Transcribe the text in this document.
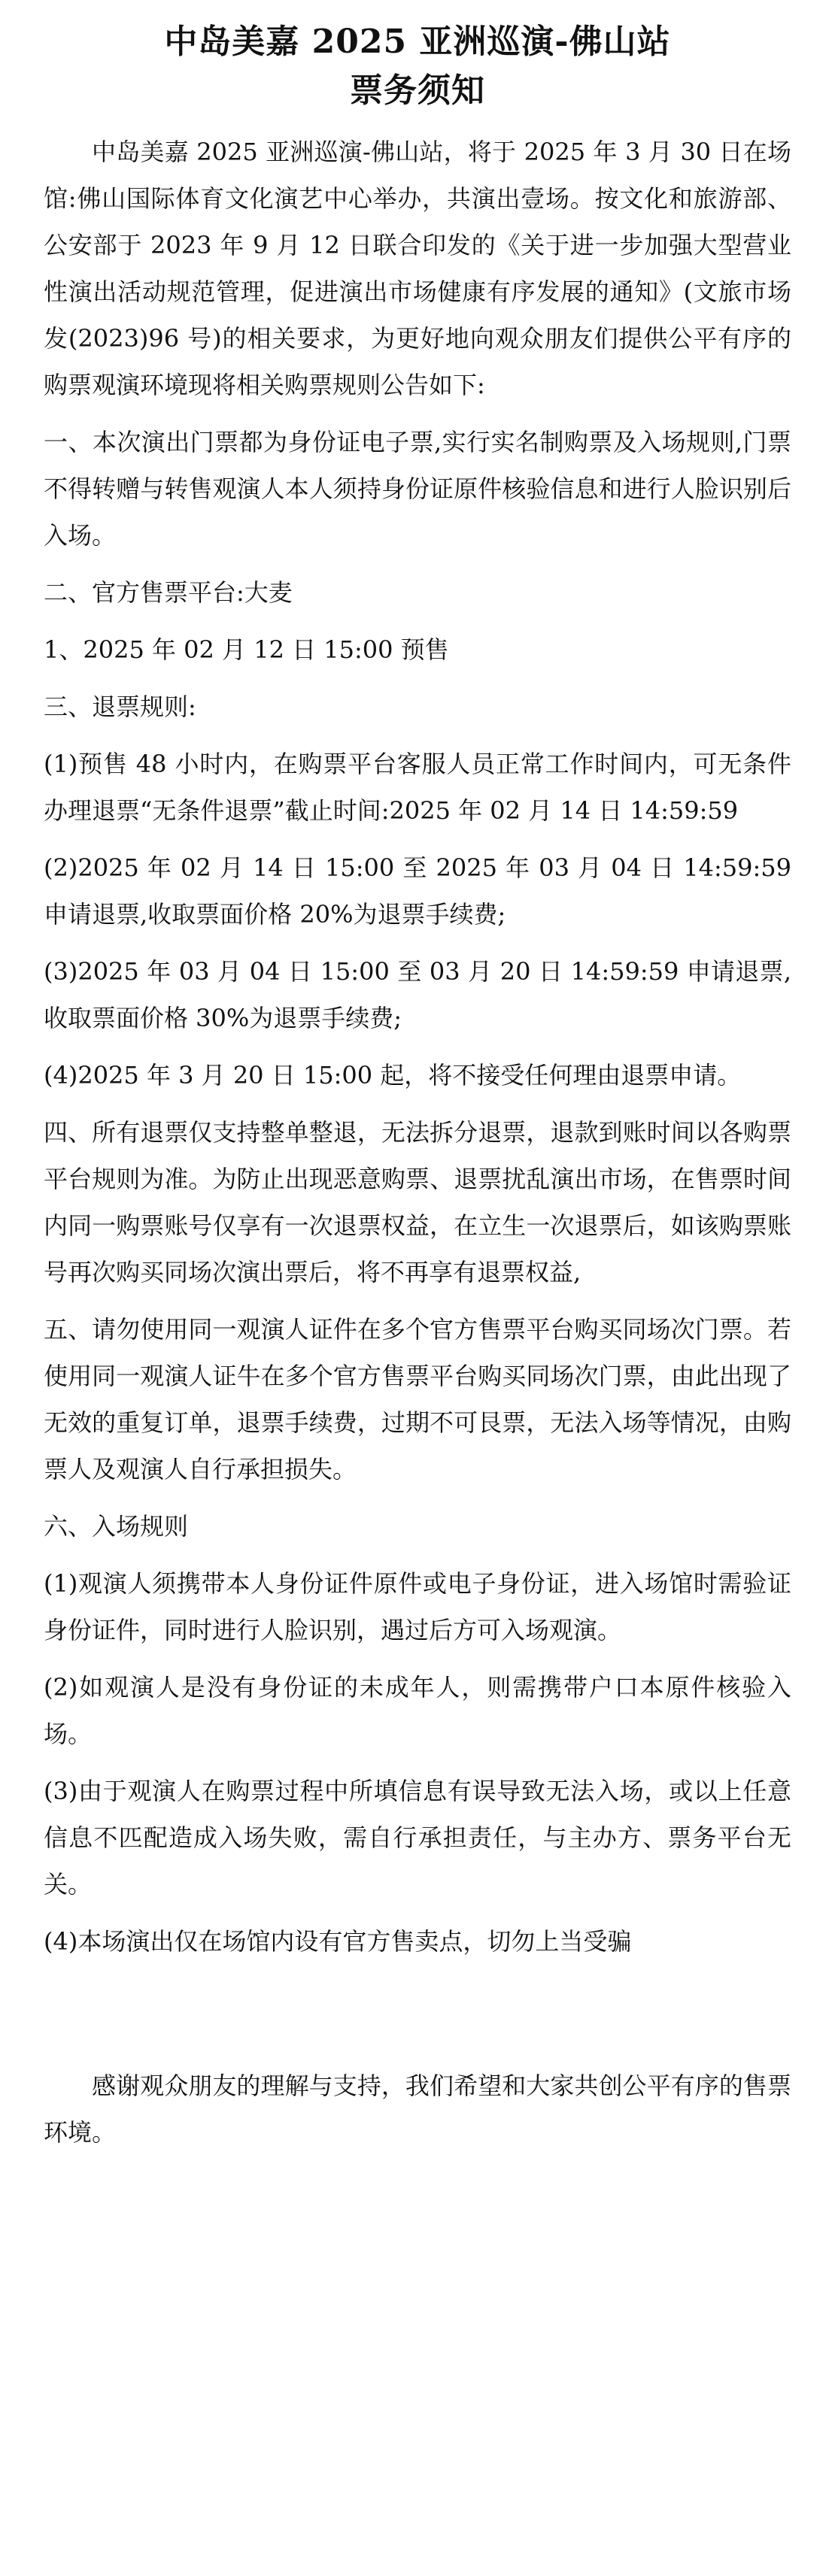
中岛美嘉 2025 亚洲巡演-佛山站
票务须知

中岛美嘉 2025 亚洲巡演-佛山站，将于 2025 年 3 月 30 日在场馆:佛山国际体育文化演艺中心举办，共演出壹场。按文化和旅游部、公安部于 2023 年 9 月 12 日联合印发的《关于进一步加强大型营业性演出活动规范管理，促进演出市场健康有序发展的通知》(文旅市场发(2023)96 号)的相关要求，为更好地向观众朋友们提供公平有序的购票观演环境现将相关购票规则公告如下:

一、本次演出门票都为身份证电子票,实行实名制购票及入场规则,门票不得转赠与转售观演人本人须持身份证原件核验信息和进行人脸识别后入场。

二、官方售票平台:大麦

1、2025 年 02 月 12 日 15:00 预售

三、退票规则:

(1)预售 48 小时内，在购票平台客服人员正常工作时间内，可无条件办理退票“无条件退票”截止时间:2025 年 02 月 14 日 14:59:59

(2)2025 年 02 月 14 日 15:00 至 2025 年 03 月 04 日 14:59:59 申请退票,收取票面价格 20%为退票手续费;

(3)2025 年 03 月 04 日 15:00 至 03 月 20 日 14:59:59 申请退票,收取票面价格 30%为退票手续费;

(4)2025 年 3 月 20 日 15:00 起，将不接受任何理由退票申请。

四、所有退票仅支持整单整退，无法拆分退票，退款到账时间以各购票平台规则为准。为防止出现恶意购票、退票扰乱演出市场，在售票时间内同一购票账号仅享有一次退票权益，在立生一次退票后，如该购票账号再次购买同场次演出票后，将不再享有退票权益,

五、请勿使用同一观演人证件在多个官方售票平台购买同场次门票。若使用同一观演人证牛在多个官方售票平台购买同场次门票，由此出现了无效的重复订单，退票手续费，过期不可艮票，无法入场等情况，由购票人及观演人自行承担损失。

六、入场规则

(1)观演人须携带本人身份证件原件或电子身份证，进入场馆时需验证身份证件，同时进行人脸识别，遇过后方可入场观演。

(2)如观演人是没有身份证的未成年人，则需携带户口本原件核验入场。

(3)由于观演人在购票过程中所填信息有误导致无法入场，或以上任意信息不匹配造成入场失败，需自行承担责任，与主办方、票务平台无关。

(4)本场演出仅在场馆内设有官方售卖点，切勿上当受骗

感谢观众朋友的理解与支持，我们希望和大家共创公平有序的售票环境。
